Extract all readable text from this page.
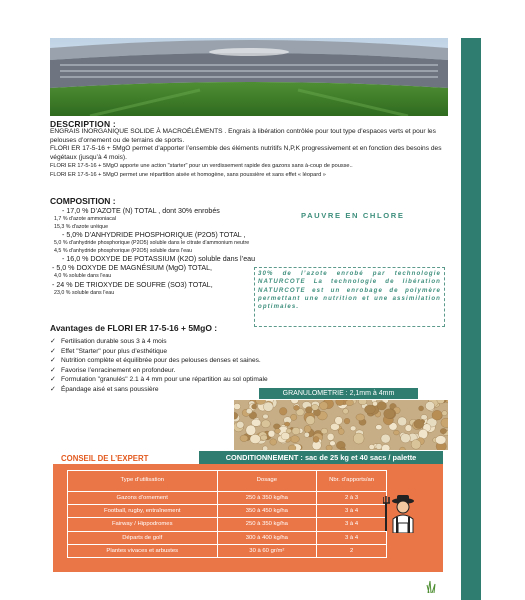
DESCRIPTION :

ENGRAIS INORGANIQUE SOLIDE À MACROÉLÉMENTS . Engrais à libération contrôlée pour tout type d’espaces verts et pour les pelouses d’ornement ou de terrains de sports.

FLORI ER 17-5-16 + 5MgO permet d’apporter l’ensemble des éléments nutritifs N,P,K progressivement et en fonction des besoins des végétaux (jusqu’à 4 mois).

FLORI ER 17-5-16 + 5MgO apporte une action "starter" pour un verdissement rapide des gazons sans à-coup de pousse..

FLORI ER 17-5-16 + 5MgO permet une répartition aisée et homogène, sans poussière et sans effet « léopard »

COMPOSITION :
- 17,0 % D’AZOTE (N) TOTAL , dont 30% enrobés
1,7 % d'azote ammoniacal
15,3 % d'azote uréique
- 5,0% D’ANHYDRIDE PHOSPHORIQUE (P2O5) TOTAL ,
5,0 % d'anhydride phosphorique (P2O5) soluble dans le citrate d'ammonium neutre
4,5 % d'anhydride phosphorique (P2O5) soluble dans l'eau
- 16,0 % DOXYDE DE POTASSIUM (K2O) soluble dans l’eau
- 5,0 % DOXYDE DE MAGNÉSIUM (MgO) TOTAL,
4,0 % soluble dans l'eau
- 24 % DE TRIOXYDE DE SOUFRE (SO3) TOTAL,
23,0 % soluble dans l'eau
PAUVRE EN CHLORE
30% de l’azote enrobé par technologie NATURCOTE La technologie de libération NATURCOTE est un enrobage de polymère permettant une nutrition et une assimilation optimales.
Avantages de FLORI ER 17-5-16 + 5MgO :
✓ Fertilisation durable sous 3 à 4 mois
✓ Effet "Starter" pour plus d’esthétique
✓ Nutrition complète et équilibrée pour des pelouses denses et saines.
✓ Favorise l’enracinement en profondeur.
✓ Formulation "granulés" 2.1 à 4 mm pour une répartition au sol optimale
✓ Épandage aisé et sans poussière
GRANULOMETRIE : 2,1mm à 4mm
CONSEIL DE L’EXPERT	CONDITIONNEMENT : sac de 25 kg et 40 sacs / palette
Type d’utilisation	Dosage	Nbr. d’apports/an
Gazons d’ornement	250 à 350 kg/ha	2 à 3
Football, rugby, entraînement	350 à 450 kg/ha	3 à 4
Fairway / Hippodromes	250 à 350 kg/ha	3 à 4
Départs de golf	300 à 400 kg/ha	3 à 4
Plantes vivaces et arbustes	30 à 60 gr/m²	2
